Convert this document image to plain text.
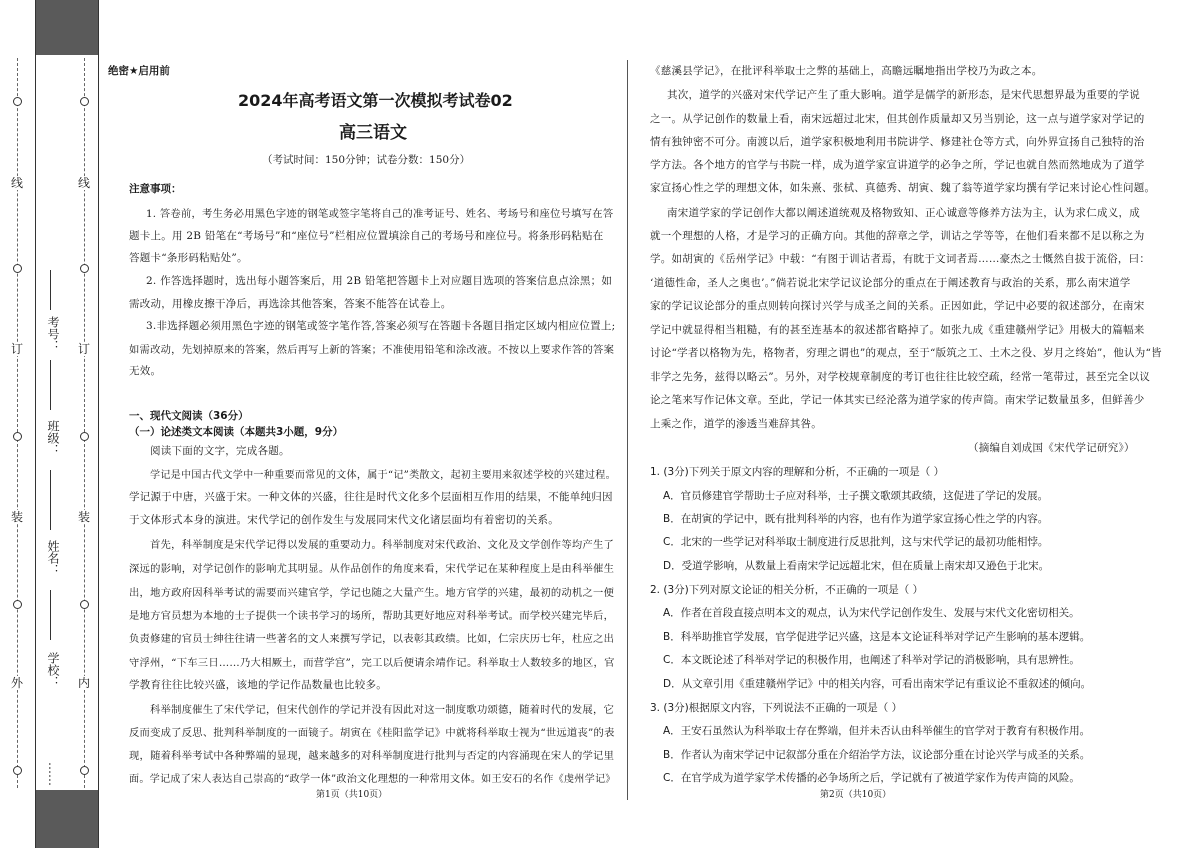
线
订
装
外
线
订
装
内
考号：
班级：
姓名：
学校：
……
绝密★启用前
2024年高考语文第一次模拟考试卷02
高三语文
（考试时间：150分钟；试卷分数：150分）
注意事项：
1. 答卷前，考生务必用黑色字迹的钢笔或签字笔将自己的准考证号、姓名、考场号和座位号填写在答
题卡上。用 2B 铅笔在“考场号”和“座位号”栏相应位置填涂自己的考场号和座位号。将条形码粘贴在
答题卡“条形码粘贴处”。
2. 作答选择题时，选出每小题答案后，用 2B 铅笔把答题卡上对应题目选项的答案信息点涂黑；如
需改动，用橡皮擦干净后，再选涂其他答案，答案不能答在试卷上。
3.非选择题必须用黑色字迹的钢笔或签字笔作答,答案必须写在答题卡各题目指定区域内相应位置上;
如需改动，先划掉原来的答案，然后再写上新的答案；不准使用铅笔和涂改液。不按以上要求作答的答案
无效。
一、现代文阅读（36分）
（一）论述类文本阅读（本题共3小题，9分）
阅读下面的文字，完成各题。
学记是中国古代文学中一种重要而常见的文体，属于“记”类散文，起初主要用来叙述学校的兴建过程。
学记源于中唐，兴盛于宋。一种文体的兴盛，往往是时代文化多个层面相互作用的结果，不能单纯归因
于文体形式本身的演进。宋代学记的创作发生与发展同宋代文化诸层面均有着密切的关系。
首先，科举制度是宋代学记得以发展的重要动力。科举制度对宋代政治、文化及文学创作等均产生了
深远的影响，对学记创作的影响尤其明显。从作品创作的角度来看，宋代学记在某种程度上是由科举催生
出，地方政府因科举考试的需要而兴建官学，学记也随之大量产生。地方官学的兴建，最初的动机之一便
是地方官员想为本地的士子提供一个读书学习的场所，帮助其更好地应对科举考试。而学校兴建完毕后，
负责修建的官员士绅往往请一些著名的文人来撰写学记，以表彰其政绩。比如，仁宗庆历七年，杜应之出
守浮州，“下车三日……乃大相厥土，而营学宫”，完工以后便请余靖作记。科举取士人数较多的地区，官
学教育往往比较兴盛，该地的学记作品数量也比较多。
科举制度催生了宋代学记，但宋代创作的学记并没有因此对这一制度歌功颂德，随着时代的发展，它
反而变成了反思、批判科举制度的一面镜子。胡寅在《桂阳监学记》中就将科举取士视为“世远道丧”的表
现，随着科举考试中各种弊端的显现，越来越多的对科举制度进行批判与否定的内容涌现在宋人的学记里
面。学记成了宋人表达自己崇高的“政学一体”政治文化理想的一种常用文体。如王安石的名作《虔州学记》
第1页（共10页）
《慈溪县学记》，在批评科举取士之弊的基础上，高瞻远瞩地指出学校乃为政之本。
其次，道学的兴盛对宋代学记产生了重大影响。道学是儒学的新形态，是宋代思想界最为重要的学说
之一。从学记创作的数量上看，南宋远超过北宋，但其创作质量却又另当别论，这一点与道学家对学记的
情有独钟密不可分。南渡以后，道学家积极地利用书院讲学、修建社仓等方式，向外界宣扬自己独特的治
学方法。各个地方的官学与书院一样，成为道学家宣讲道学的必争之所，学记也就自然而然地成为了道学
家宣扬心性之学的理想文体，如朱熹、张栻、真德秀、胡寅、魏了翁等道学家均撰有学记来讨论心性问题。
南宋道学家的学记创作大都以阐述道统观及格物致知、正心诚意等修养方法为主，认为求仁成义，成
就一个理想的人格，才是学习的正确方向。其他的辞章之学，训诂之学等等，在他们看来都不足以称之为
学。如胡寅的《岳州学记》中载：“有图于训诂者焉，有眈于文词者焉……豪杰之士慨然自拔于流俗，曰：
‘道德性命，圣人之奥也’。”倘若说北宋学记议论部分的重点在于阐述教育与政治的关系，那么南宋道学
家的学记议论部分的重点则转向探讨兴学与成圣之间的关系。正因如此，学记中必要的叙述部分，在南宋
学记中就显得相当粗糙，有的甚至连基本的叙述都省略掉了。如张九成《重建赣州学记》用极大的篇幅来
讨论“学者以格物为先，格物者，穷理之谓也”的观点，至于“版筑之工、土木之役、岁月之终始”，他认为“皆
非学之先务，兹得以略云”。另外，对学校规章制度的考订也往往比较空疏，经常一笔带过，甚至完全以议
论之笔来写作记体文章。至此，学记一体其实已经沦落为道学家的传声筒。南宋学记数量虽多，但鲜善少
上乘之作，道学的渗透当难辞其咎。
（摘编自刘成国《宋代学记研究》）
1. (3分)下列关于原文内容的理解和分析，不正确的一项是（ ）
A．官员修建官学帮助士子应对科举，士子撰文歌颂其政绩，这促进了学记的发展。
B．在胡寅的学记中，既有批判科举的内容，也有作为道学家宣扬心性之学的内容。
C．北宋的一些学记对科举取士制度进行反思批判，这与宋代学记的最初功能相悖。
D．受道学影响，从数量上看南宋学记远超北宋，但在质量上南宋却又逊色于北宋。
2. (3分)下列对原文论证的相关分析，不正确的一项是（ ）
A．作者在首段直接点明本文的观点，认为宋代学记创作发生、发展与宋代文化密切相关。
B．科举助推官学发展，官学促进学记兴盛，这是本文论证科举对学记产生影响的基本逻辑。
C．本文既论述了科举对学记的积极作用，也阐述了科举对学记的消极影响，具有思辨性。
D．从文章引用《重建赣州学记》中的相关内容，可看出南宋学记有重议论不重叙述的倾向。
3. (3分)根据原文内容，下列说法不正确的一项是（ ）
A．王安石虽然认为科举取士存在弊端，但并未否认由科举催生的官学对于教育有积极作用。
B．作者认为南宋学记中记叙部分重在介绍治学方法，议论部分重在讨论兴学与成圣的关系。
C．在官学成为道学家学术传播的必争场所之后，学记就有了被道学家作为传声筒的风险。
第2页（共10页）
